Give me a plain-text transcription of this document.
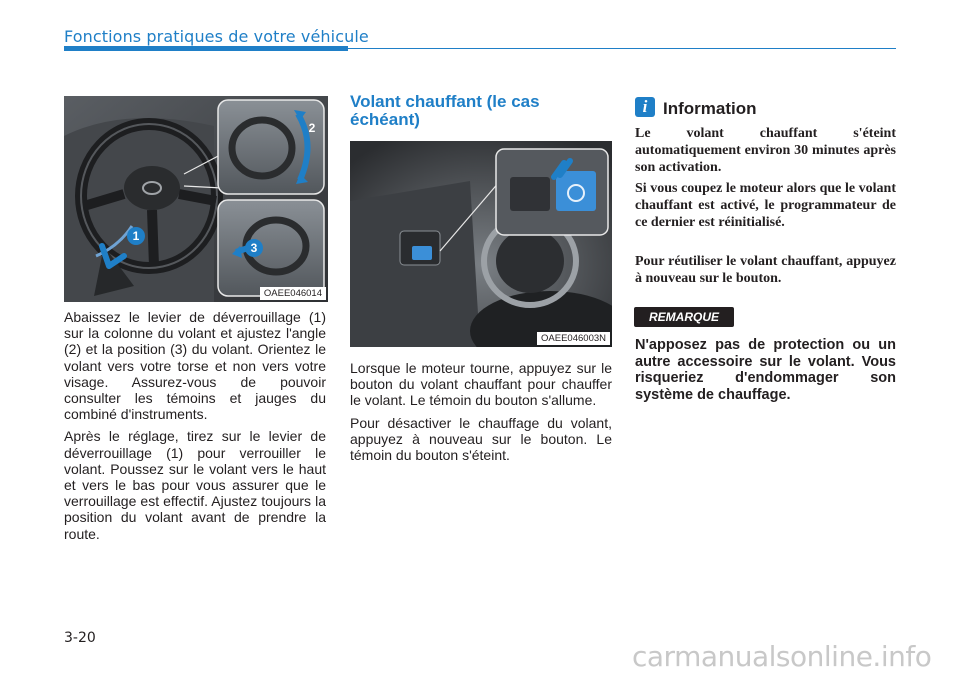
Fonctions pratiques de votre véhicule
1
2
3
OAEE046014

Abaissez le levier de déverrouillage (1) sur la colonne du volant et ajustez l'angle (2) et la position (3) du volant. Orientez le volant vers votre torse et non vers votre visage. Assurez-vous de pouvoir consulter les témoins et jauges du combiné d'instruments.

Après le réglage, tirez sur le levier de déverrouillage (1) pour verrouiller le volant. Poussez sur le volant vers le haut et vers le bas pour vous assurer que le verrouillage est effectif. Ajustez toujours la position du volant avant de prendre la route.

Volant chauffant (le cas échéant)
OAEE046003N

Lorsque le moteur tourne, appuyez sur le bouton du volant chauffant pour chauffer le volant. Le témoin du bouton s'allume.

Pour désactiver le chauffage du volant, appuyez à nouveau sur le bouton. Le témoin du bouton s'éteint.

i Information

Le volant chauffant s'éteint automatiquement environ 30 minutes après son activation.

Si vous coupez le moteur alors que le volant chauffant est activé, le programmateur de ce dernier est réinitialisé.

Pour réutiliser le volant chauffant, appuyez à nouveau sur le bouton.

REMARQUE

N'apposez pas de protection ou un autre accessoire sur le volant. Vous risqueriez d'endommager son système de chauffage.

3-20
carmanualsonline.info
